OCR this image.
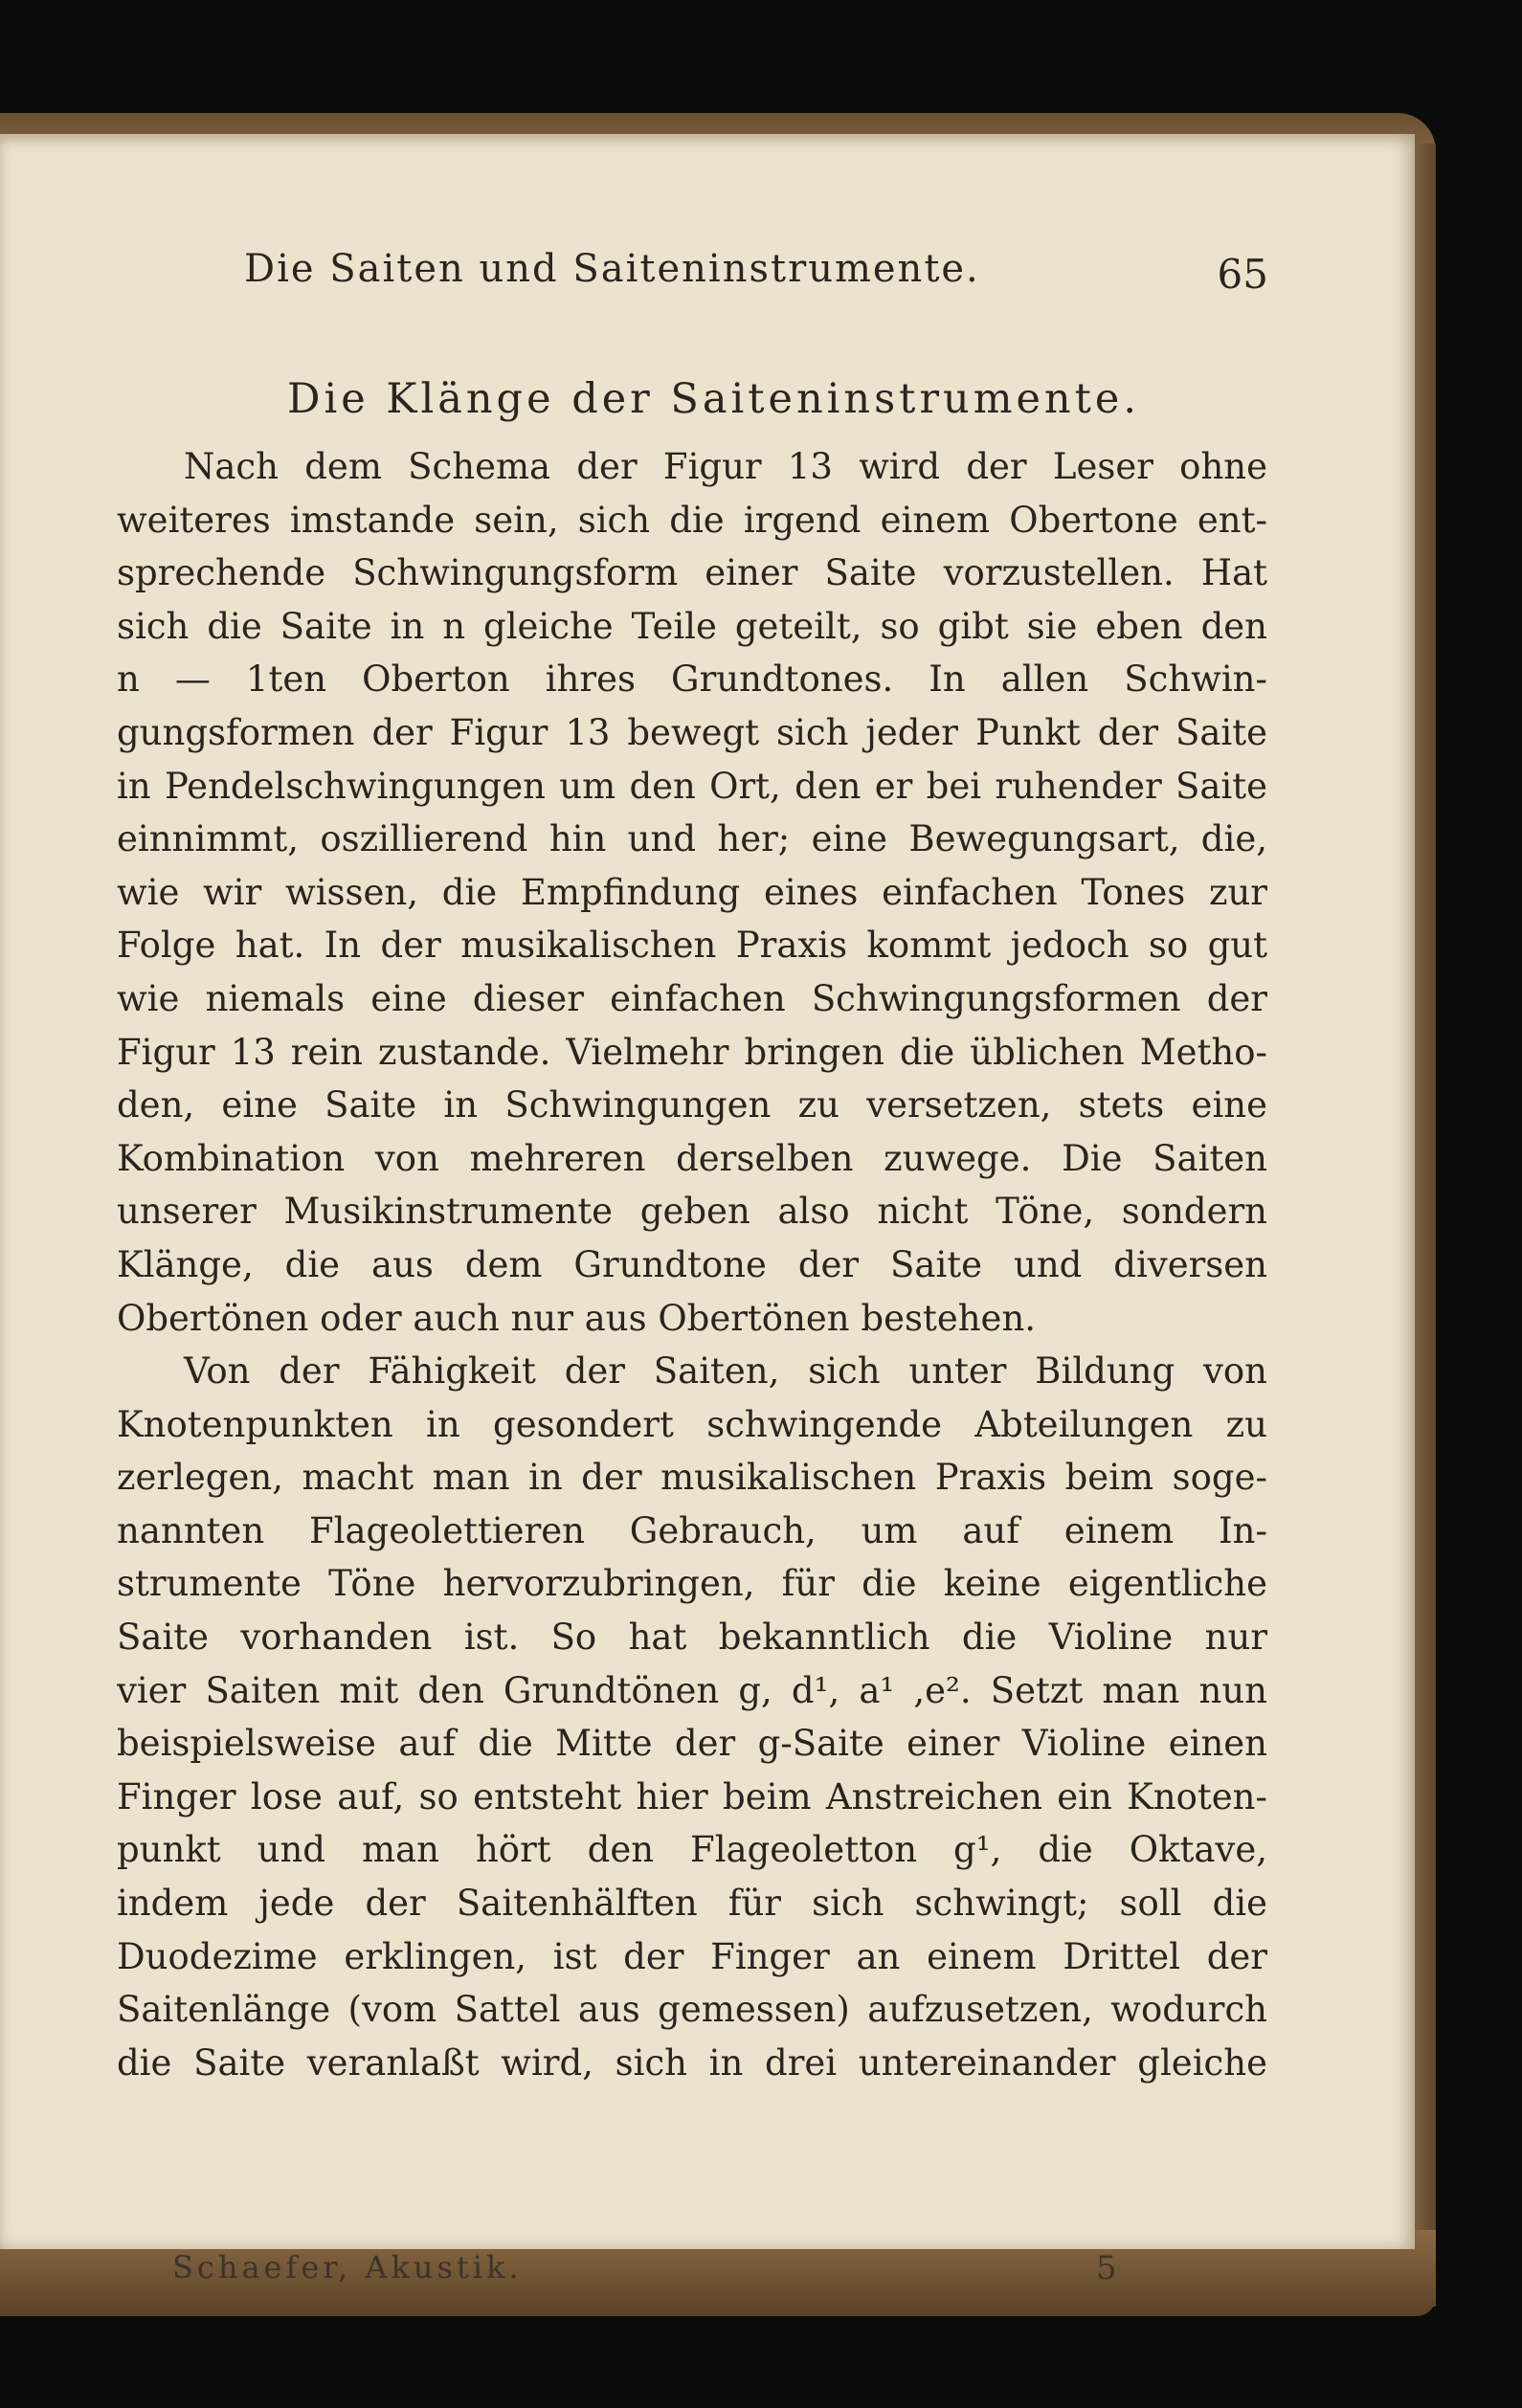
Die Saiten und Saiteninstrumente.	65
Die Klänge der Saiteninstrumente.
Nach dem Schema der Figur 13 wird der Leser ohne
weiteres imstande sein, sich die irgend einem Obertone ent-
sprechende Schwingungsform einer Saite vorzustellen. Hat
sich die Saite in n gleiche Teile geteilt, so gibt sie eben den
n — 1ten Oberton ihres Grundtones. In allen Schwin-
gungsformen der Figur 13 bewegt sich jeder Punkt der Saite
in Pendelschwingungen um den Ort, den er bei ruhender Saite
einnimmt, oszillierend hin und her; eine Bewegungsart, die,
wie wir wissen, die Empfindung eines einfachen Tones zur
Folge hat. In der musikalischen Praxis kommt jedoch so gut
wie niemals eine dieser einfachen Schwingungsformen der
Figur 13 rein zustande. Vielmehr bringen die üblichen Metho-
den, eine Saite in Schwingungen zu versetzen, stets eine
Kombination von mehreren derselben zuwege. Die Saiten
unserer Musikinstrumente geben also nicht Töne, sondern
Klänge, die aus dem Grundtone der Saite und diversen
Obertönen oder auch nur aus Obertönen bestehen.
Von der Fähigkeit der Saiten, sich unter Bildung von
Knotenpunkten in gesondert schwingende Abteilungen zu
zerlegen, macht man in der musikalischen Praxis beim soge-
nannten Flageolettieren Gebrauch, um auf einem In-
strumente Töne hervorzubringen, für die keine eigentliche
Saite vorhanden ist. So hat bekanntlich die Violine nur
vier Saiten mit den Grundtönen g, d¹, a¹ ,e². Setzt man nun
beispielsweise auf die Mitte der g-Saite einer Violine einen
Finger lose auf, so entsteht hier beim Anstreichen ein Knoten-
punkt und man hört den Flageoletton g¹, die Oktave,
indem jede der Saitenhälften für sich schwingt; soll die
Duodezime erklingen, ist der Finger an einem Drittel der
Saitenlänge (vom Sattel aus gemessen) aufzusetzen, wodurch
die Saite veranlaßt wird, sich in drei untereinander gleiche
Schaefer, Akustik.	5
